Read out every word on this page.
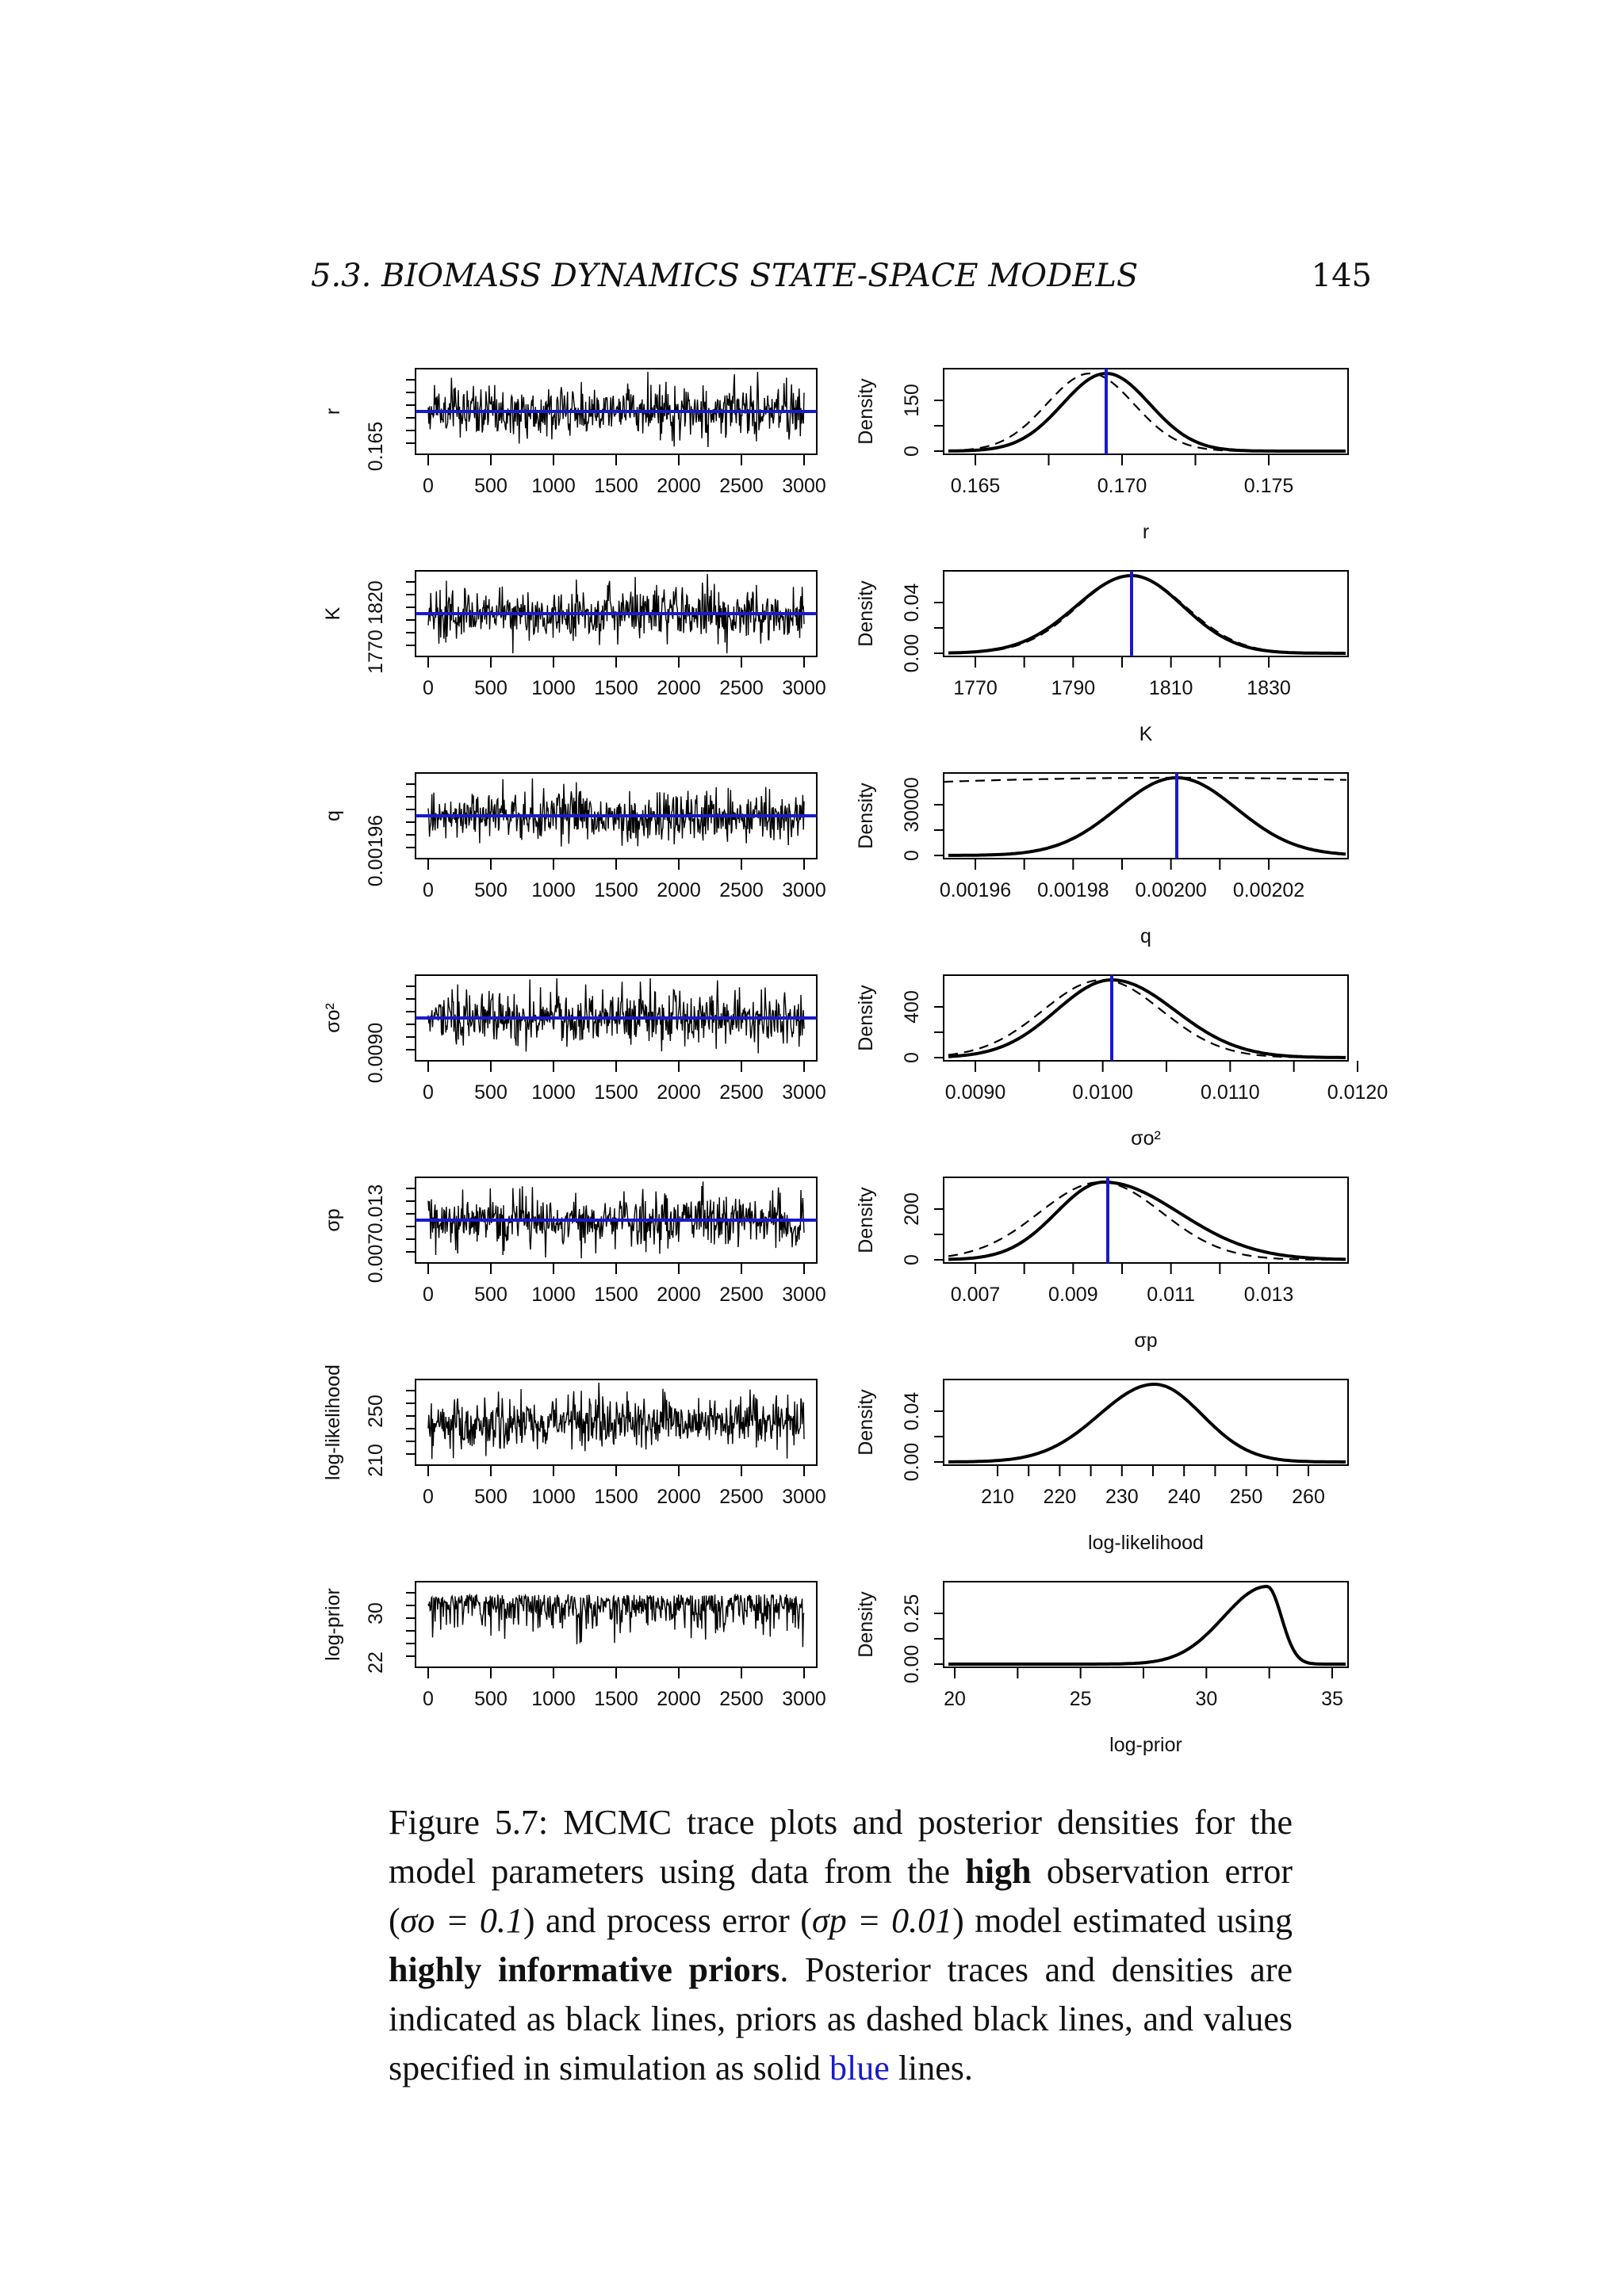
5.3. BIOMASS DYNAMICS STATE-SPACE MODELS	145
0 500 1000 1500 2000 2500 3000
0.165
r
0.165	0.170	0.175
0
150
Density
r
0 500 1000 1500 2000 2500 3000
1770
1820
K
1770	1790	1810	1830
0.00
0.04
Density
K
0 500 1000 1500 2000 2500 3000
0.00196
q
0.00196 0.00198 0.00200 0.00202
0
30000
Density
q
0 500 1000 1500 2000 2500 3000
0.0090
σo²
0.0090	0.0100	0.0110	0.0120
0
400
Density
σo²
0 500 1000 1500 2000 2500 3000
0.007
0.013
σp
0.007 0.009 0.011 0.013
0
200
Density
σp
0 500 1000 1500 2000 2500 3000
210
250
log-likelihood
210 220 230 240 250 260
0.00
0.04
Density
log-likelihood
0 500 1000 1500 2000 2500 3000
22
30
log-prior
20	25	30	35
0.00
0.25
Density
log-prior
Figure 5.7: MCMC trace plots and posterior densities for the model parameters using data from the high observation error (σo = 0.1) and process error (σp = 0.01) model estimated using highly informative priors. Posterior traces and densities are indicated as black lines, priors as dashed black lines, and values specified in simulation as solid blue lines.
